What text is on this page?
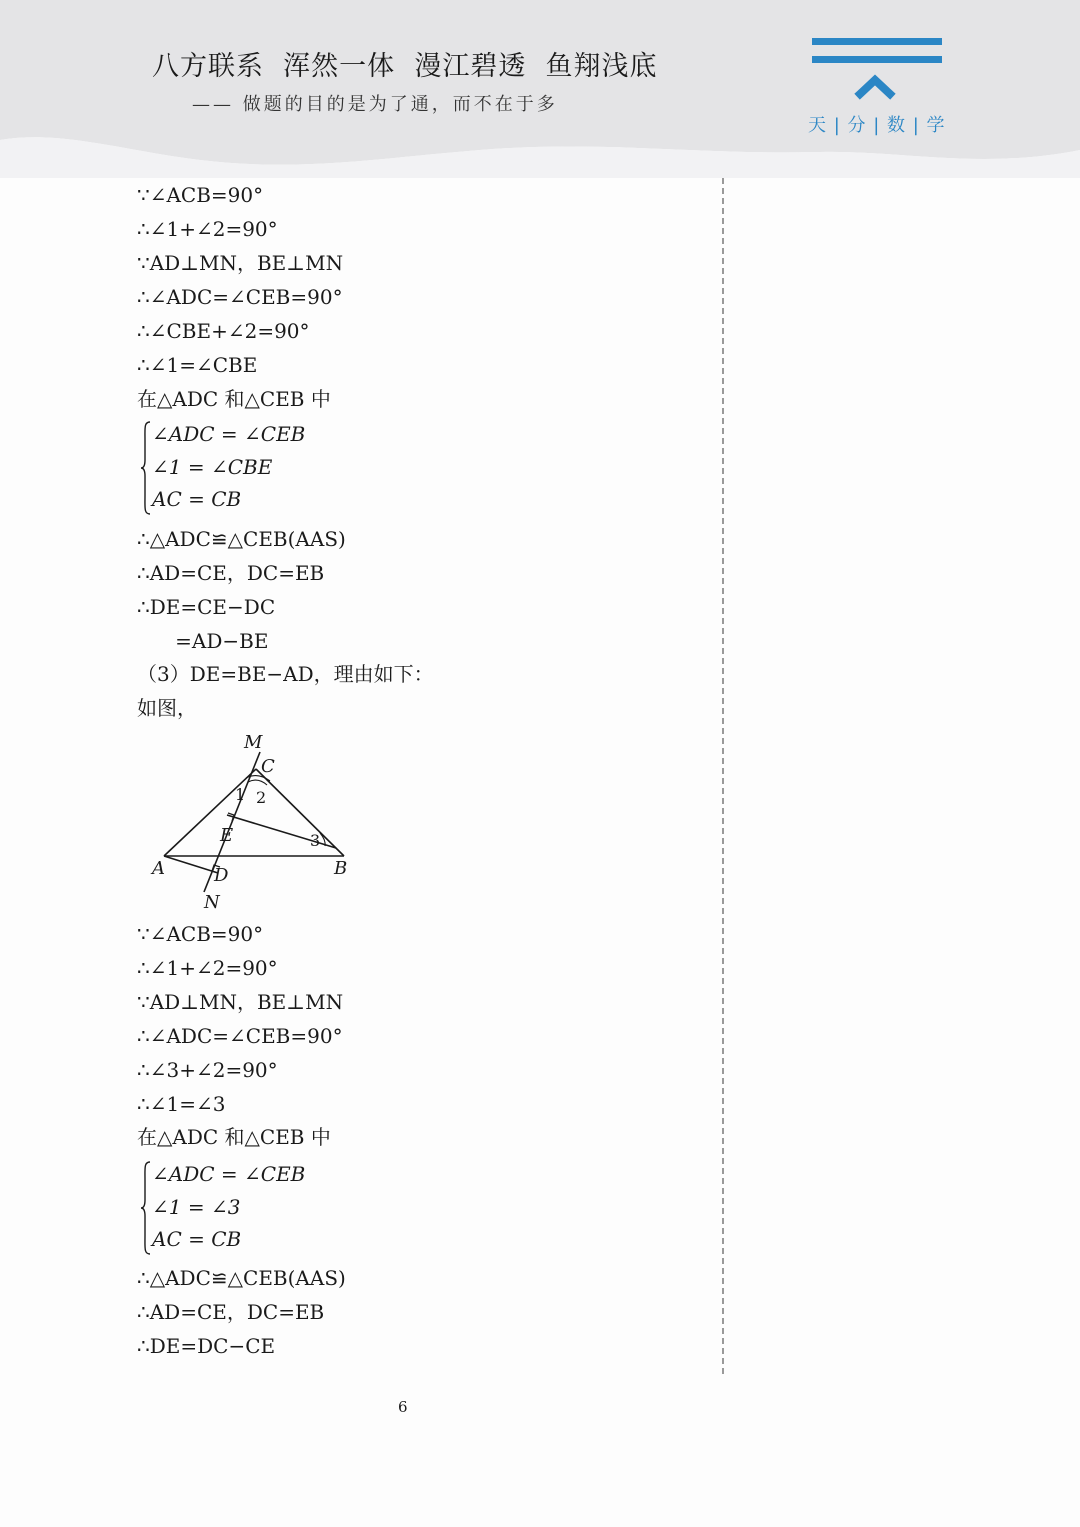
八方联系  浑然一体  漫江碧透  鱼翔浅底
—— 做题的目的是为了通，而不在于多
天 | 分 | 数 | 学
∵∠ACB=90°
∴∠1+∠2=90°
∵AD⊥MN，BE⊥MN
∴∠ADC=∠CEB=90°
∴∠CBE+∠2=90°
∴∠1=∠CBE
在△ADC 和△CEB 中
∠ADC = ∠CEB
∠1 = ∠CBE
AC = CB
∴△ADC≌△CEB(AAS)
∴AD=CE，DC=EB
∴DE=CE−DC
=AD−BE
（3）DE=BE−AD，理由如下：
如图，
M
C
E
A	D	B
N
1 2
3
∵∠ACB=90°
∴∠1+∠2=90°
∵AD⊥MN，BE⊥MN
∴∠ADC=∠CEB=90°
∴∠3+∠2=90°
∴∠1=∠3
在△ADC 和△CEB 中
∠ADC = ∠CEB
∠1 = ∠3
AC = CB
∴△ADC≌△CEB(AAS)
∴AD=CE，DC=EB
∴DE=DC−CE
6
